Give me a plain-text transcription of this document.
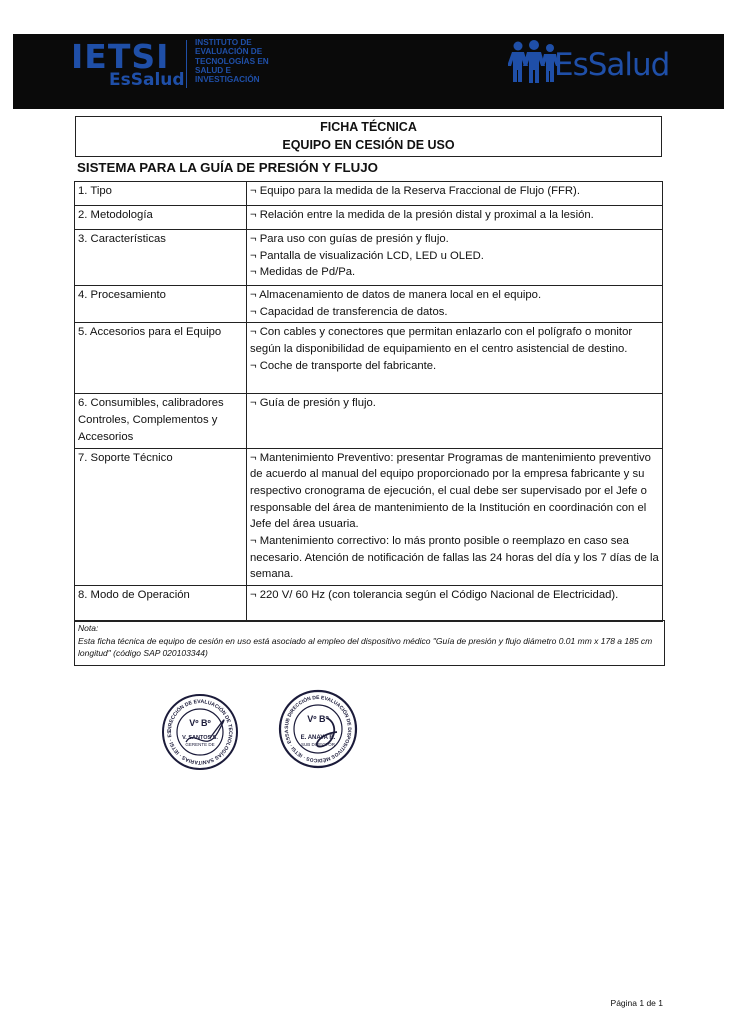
IETSI
EsSalud
INSTITUTO DE EVALUACIÓN DE TECNOLOGÍAS EN SALUD E INVESTIGACIÓN	EsSalud
FICHA TÉCNICA
EQUIPO EN CESIÓN DE USO
SISTEMA PARA LA GUÍA DE PRESIÓN Y FLUJO
1. Tipo	¬ Equipo para la medida de la Reserva Fraccional de Flujo (FFR).

2. Metodología	¬ Relación entre la medida de la presión distal y proximal a la lesión.

3. Características	¬ Para uso con guías de presión y flujo.
¬ Pantalla de visualización LCD, LED u OLED.
¬ Medidas de Pd/Pa.

4. Procesamiento	¬ Almacenamiento de datos de manera local en el equipo.
¬ Capacidad de transferencia de datos.

5. Accesorios para el Equipo	¬ Con cables y conectores que permitan enlazarlo con el polígrafo o monitor según la disponibilidad de equipamiento en el centro asistencial de destino.
¬ Coche de transporte del fabricante.

6. Consumibles, calibradores Controles, Complementos y Accesorios	¬ Guía de presión y flujo.

7. Soporte Técnico	¬ Mantenimiento Preventivo: presentar Programas de mantenimiento preventivo de acuerdo al manual del equipo proporcionado por la empresa fabricante y su respectivo cronograma de ejecución, el cual debe ser supervisado por el Jefe o responsable del área de mantenimiento de la Institución en coordinación con el Jefe del área usuaria.
¬ Mantenimiento correctivo: lo más pronto posible o reemplazo en caso sea necesario. Atención de notificación de fallas las 24 horas del día y los 7 días de la semana.

8. Modo de Operación	¬ 220 V/ 60 Hz (con tolerancia según el Código Nacional de Electricidad).
Nota:
Esta ficha técnica de equipo de cesión en uso está asociado al empleo del dispositivo médico "Guía de presión y flujo diámetro 0.01 mm x 178 a 185 cm longitud" (código SAP 020103344)
DIRECCIÓN DE EVALUACIÓN DE TECNOLOGÍAS SANITARIAS · IETSI · ES
Vº Bº
V. SANTOS S.
GERENTE DE
SUB DIRECCIÓN DE EVALUACIÓN DE DISPOSITIVOS MÉDICOS · IETSI · ESSA
Vº Bº
E. ANAYA R.
SUB DIRECTOR
Página 1 de 1
